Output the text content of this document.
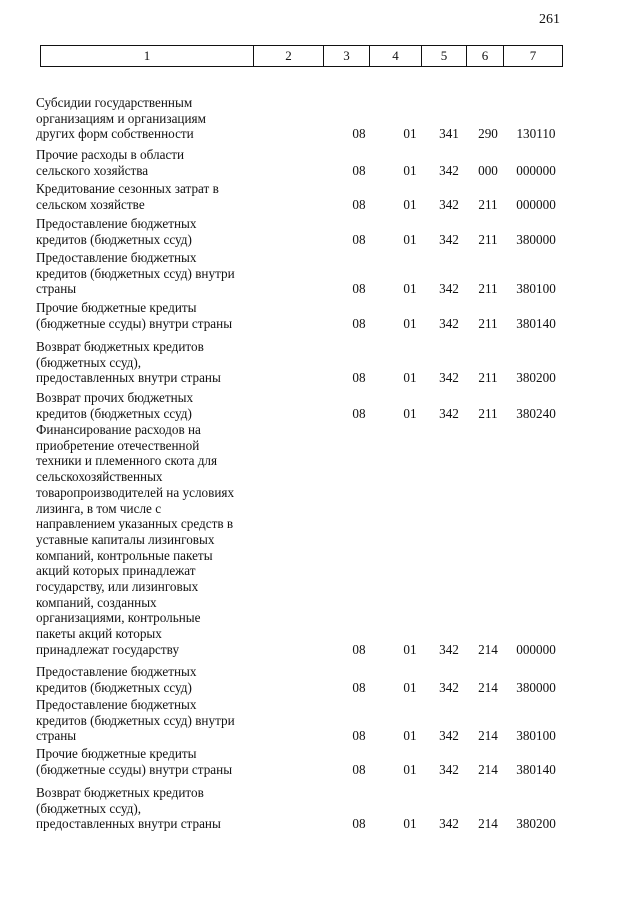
261
1	2	3	4	5	6	7
Субсидии государственным
организациям и организациям
других форм собственности	08	01	341	290	130110
Прочие расходы в области
сельского хозяйства	08	01	342	000	000000
Кредитование сезонных затрат в
сельском хозяйстве	08	01	342	211	000000
Предоставление бюджетных
кредитов (бюджетных ссуд)	08	01	342	211	380000
Предоставление бюджетных
кредитов (бюджетных ссуд) внутри
страны	08	01	342	211	380100
Прочие бюджетные кредиты
(бюджетные ссуды) внутри страны	08	01	342	211	380140
Возврат бюджетных кредитов
(бюджетных ссуд),
предоставленных внутри страны	08	01	342	211	380200
Возврат прочих бюджетных
кредитов (бюджетных ссуд)	08	01	342	211	380240
Финансирование расходов на
приобретение отечественной
техники и племенного скота для
сельскохозяйственных
товаропроизводителей на условиях
лизинга, в том числе с
направлением указанных средств в
уставные капиталы лизинговых
компаний, контрольные пакеты
акций которых принадлежат
государству, или лизинговых
компаний, созданных
организациями, контрольные
пакеты акций которых
принадлежат государству	08	01	342	214	000000
Предоставление бюджетных
кредитов (бюджетных ссуд)	08	01	342	214	380000
Предоставление бюджетных
кредитов (бюджетных ссуд) внутри
страны	08	01	342	214	380100
Прочие бюджетные кредиты
(бюджетные ссуды) внутри страны	08	01	342	214	380140
Возврат бюджетных кредитов
(бюджетных ссуд),
предоставленных внутри страны	08	01	342	214	380200
